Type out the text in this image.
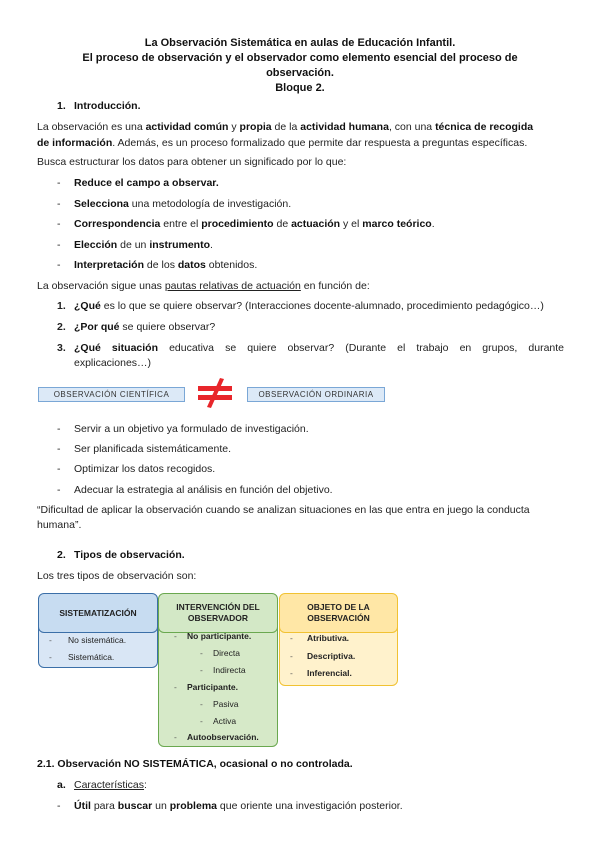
La Observación Sistemática en aulas de Educación Infantil.
El proceso de observación y el observador como elemento esencial del proceso de
observación.
Bloque 2.
1. Introducción.
La observación es una actividad común y propia de la actividad humana, con una técnica de recogida
de información. Además, es un proceso formalizado que permite dar respuesta a preguntas específicas.
Busca estructurar los datos para obtener un significado por lo que:
- Reduce el campo a observar.
- Selecciona una metodología de investigación.
- Correspondencia entre el procedimiento de actuación y el marco teórico.
- Elección de un instrumento.
- Interpretación de los datos obtenidos.
La observación sigue unas pautas relativas de actuación en función de:
1. ¿Qué es lo que se quiere observar? (Interacciones docente-alumnado, procedimiento pedagógico…)
2. ¿Por qué se quiere observar?
3. ¿Qué situación educativa se quiere observar? (Durante el trabajo en grupos, durante
explicaciones…)
OBSERVACIÓN CIENTÍFICA	OBSERVACIÓN ORDINARIA
- Servir a un objetivo ya formulado de investigación.
- Ser planificada sistemáticamente.
- Optimizar los datos recogidos.
- Adecuar la estrategia al análisis en función del objetivo.
“Dificultad de aplicar la observación cuando se analizan situaciones en las que entra en juego la conducta
humana”.
2. Tipos de observación.
Los tres tipos de observación son:
SISTEMATIZACIÓN
- No sistemática.
- Sistemática.
INTERVENCIÓN DEL
OBSERVADOR
- No participante.
- Directa
- Indirecta
- Participante.
- Pasiva
- Activa
- Autoobservación.
OBJETO DE LA
OBSERVACIÓN
- Atributiva.
- Descriptiva.
- Inferencial.
2.1. Observación NO SISTEMÁTICA, ocasional o no controlada.
a. Características:
- Útil para buscar un problema que oriente una investigación posterior.
